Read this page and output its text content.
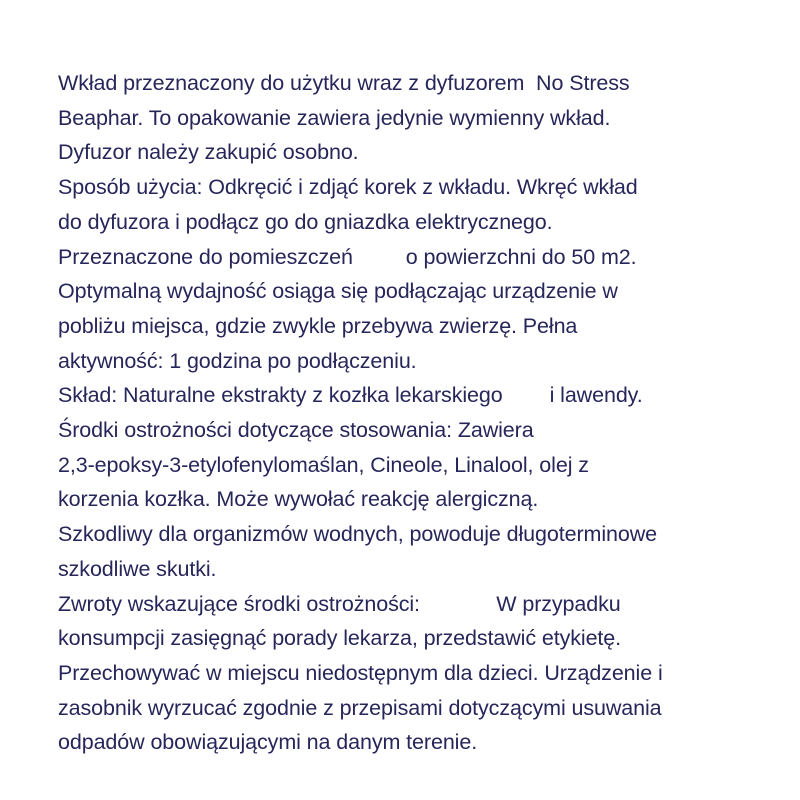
Wkład przeznaczony do użytku wraz z dyfuzorem  No Stress
Beaphar. To opakowanie zawiera jedynie wymienny wkład.
Dyfuzor należy zakupić osobno.
Sposób użycia: Odkręcić i zdjąć korek z wkładu. Wkręć wkład
do dyfuzora i podłącz go do gniazdka elektrycznego.
Przeznaczone do pomieszczeń         o powierzchni do 50 m2.
Optymalną wydajność osiąga się podłączając urządzenie w
pobliżu miejsca, gdzie zwykle przebywa zwierzę. Pełna
aktywność: 1 godzina po podłączeniu.
Skład: Naturalne ekstrakty z kozłka lekarskiego        i lawendy.
Środki ostrożności dotyczące stosowania: Zawiera
2,3-epoksy-3-etylofenylomaślan, Cineole, Linalool, olej z
korzenia kozłka. Może wywołać reakcję alergiczną.
Szkodliwy dla organizmów wodnych, powoduje długoterminowe
szkodliwe skutki.
Zwroty wskazujące środki ostrożności:             W przypadku
konsumpcji zasięgnąć porady lekarza, przedstawić etykietę.
Przechowywać w miejscu niedostępnym dla dzieci. Urządzenie i
zasobnik wyrzucać zgodnie z przepisami dotyczącymi usuwania
odpadów obowiązującymi na danym terenie.
